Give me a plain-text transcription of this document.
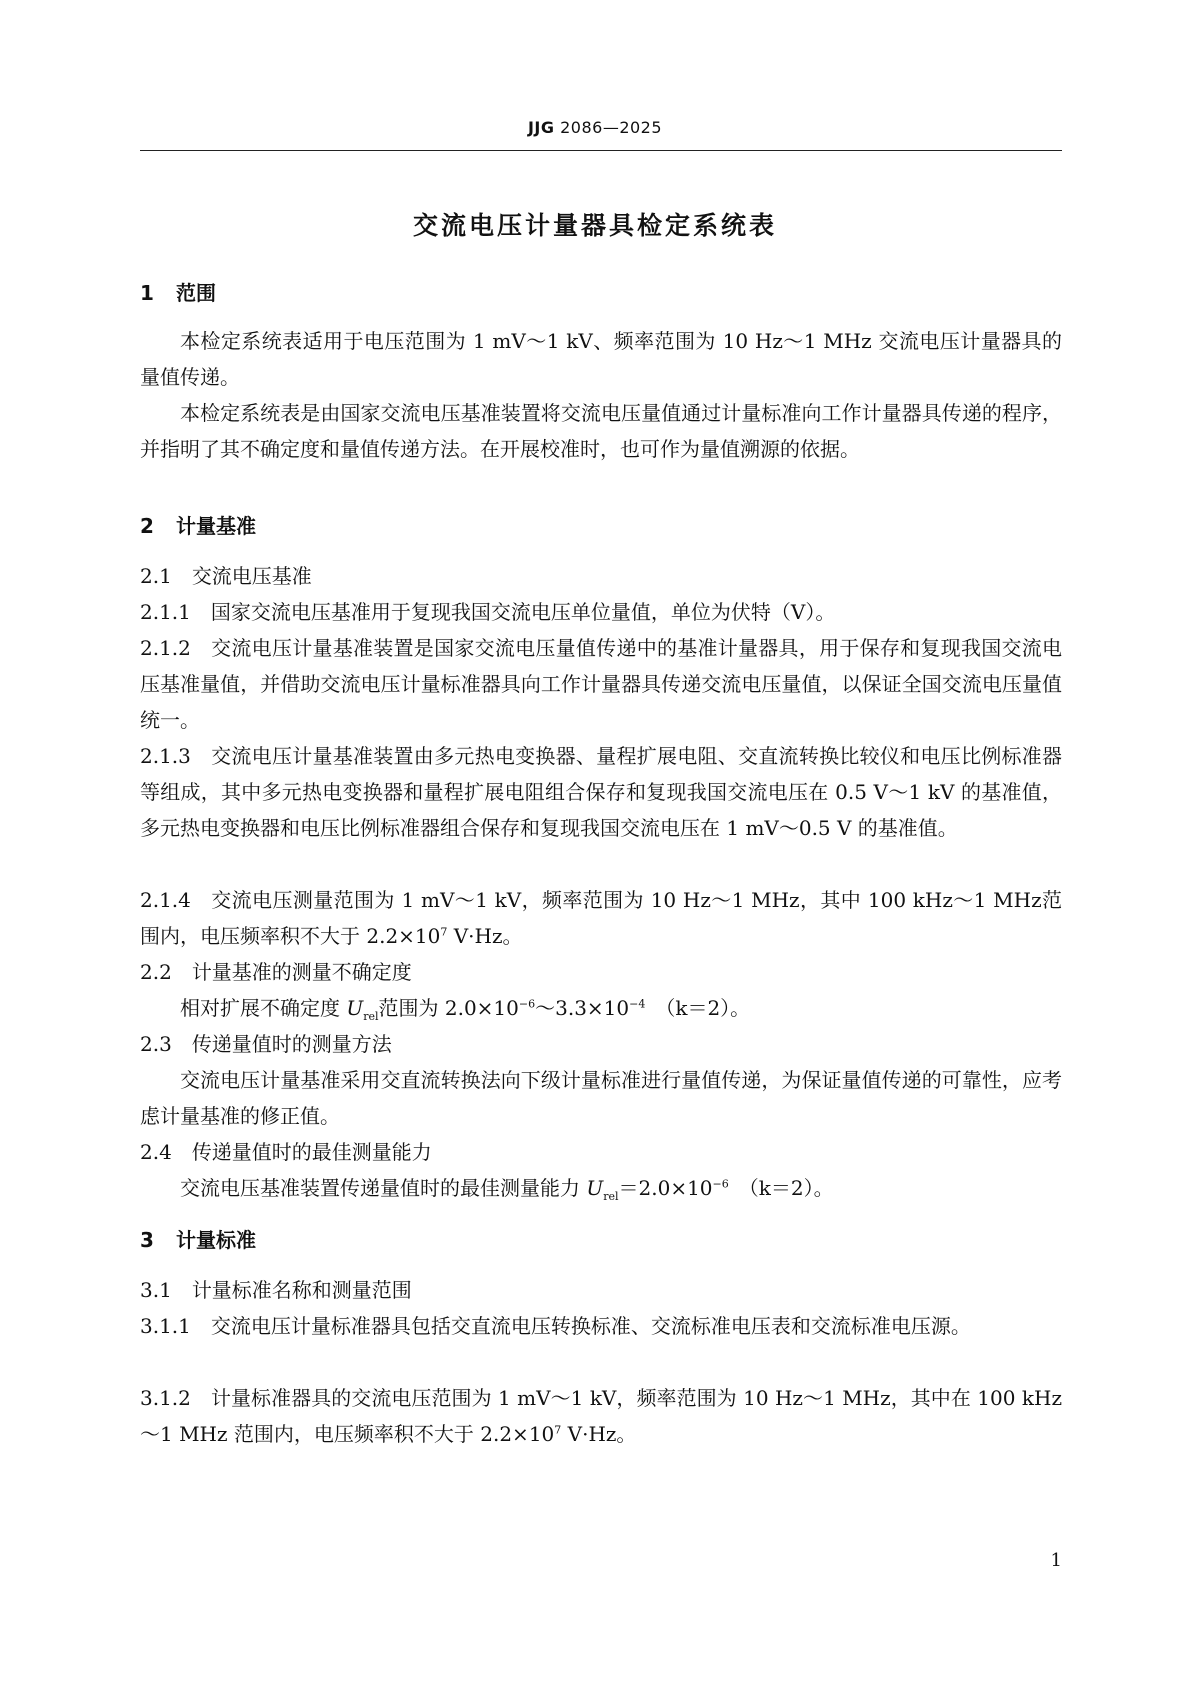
JJG 2086—2025
交流电压计量器具检定系统表
1 范围
本检定系统表适用于电压范围为 1 mV～1 kV、频率范围为 10 Hz～1 MHz 交流电压计量器具的量值传递。
本检定系统表是由国家交流电压基准装置将交流电压量值通过计量标准向工作计量器具传递的程序，并指明了其不确定度和量值传递方法。在开展校准时，也可作为量值溯源的依据。
2 计量基准
2.1 交流电压基准
2.1.1 国家交流电压基准用于复现我国交流电压单位量值，单位为伏特（V）。
2.1.2 交流电压计量基准装置是国家交流电压量值传递中的基准计量器具，用于保存和复现我国交流电压基准量值，并借助交流电压计量标准器具向工作计量器具传递交流电压量值，以保证全国交流电压量值统一。
2.1.3 交流电压计量基准装置由多元热电变换器、量程扩展电阻、交直流转换比较仪和电压比例标准器等组成，其中多元热电变换器和量程扩展电阻组合保存和复现我国交流电压在 0.5 V～1 kV 的基准值，多元热电变换器和电压比例标准器组合保存和复现我国交流电压在 1 mV～0.5 V 的基准值。
2.1.4 交流电压测量范围为 1 mV～1 kV，频率范围为 10 Hz～1 MHz，其中 100 kHz～1 MHz范围内，电压频率积不大于 $2.2\times 10^7$ V·Hz。
2.2 计量基准的测量不确定度
相对扩展不确定度 $U_{rel}$范围为 $2.0\times 10^{-6}\sim 3.3\times 10^{-4}$ （k＝2）。
2.3 传递量值时的测量方法
交流电压计量基准采用交直流转换法向下级计量标准进行量值传递，为保证量值传递的可靠性，应考虑计量基准的修正值。
2.4 传递量值时的最佳测量能力
交流电压基准装置传递量值时的最佳测量能力 $U_{rel}=2.0\times 10^{-6}$ （k＝2）。
3 计量标准
3.1 计量标准名称和测量范围
3.1.1 交流电压计量标准器具包括交直流电压转换标准、交流标准电压表和交流标准电压源。
3.1.2 计量标准器具的交流电压范围为 1 mV～1 kV，频率范围为 10 Hz～1 MHz，其中在 100 kHz～1 MHz 范围内，电压频率积不大于 $2.2\times 10^7$ V·Hz。
1
